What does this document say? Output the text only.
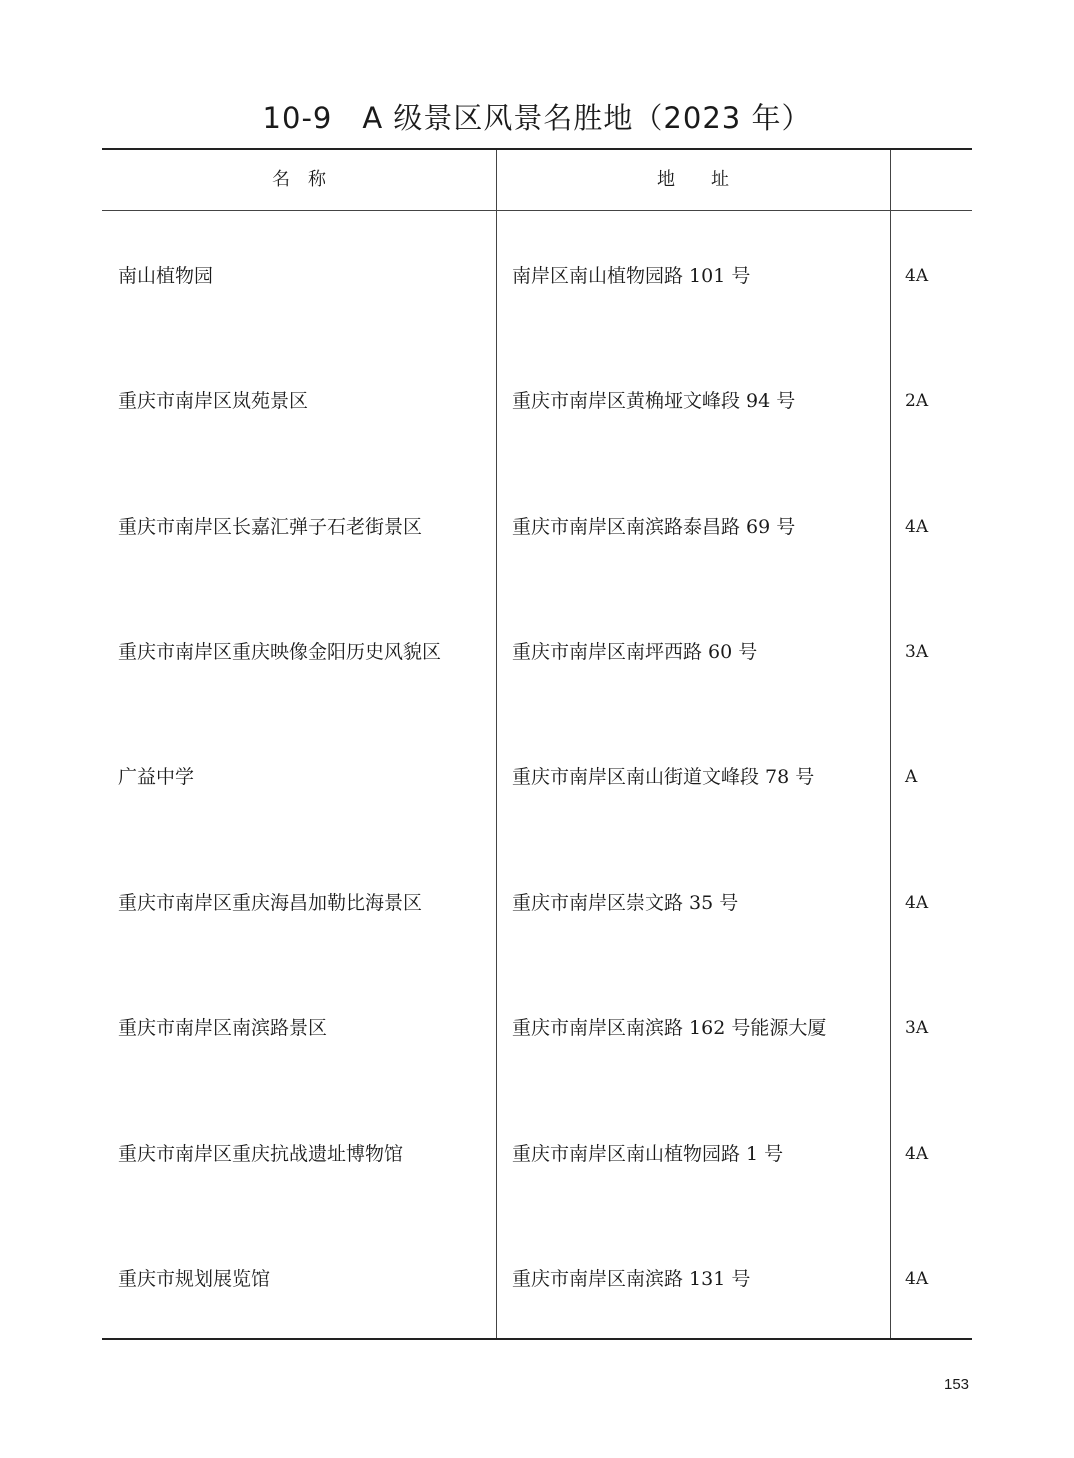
10-9　A 级景区风景名胜地（2023 年）
名　称	地　　址
南山植物园	南岸区南山植物园路 101 号	4A
重庆市南岸区岚苑景区	重庆市南岸区黄桷垭文峰段 94 号	2A
重庆市南岸区长嘉汇弹子石老街景区	重庆市南岸区南滨路泰昌路 69 号	4A
重庆市南岸区重庆映像金阳历史风貌区	重庆市南岸区南坪西路 60 号	3A
广益中学	重庆市南岸区南山街道文峰段 78 号	A
重庆市南岸区重庆海昌加勒比海景区	重庆市南岸区崇文路 35 号	4A
重庆市南岸区南滨路景区	重庆市南岸区南滨路 162 号能源大厦	3A
重庆市南岸区重庆抗战遗址博物馆	重庆市南岸区南山植物园路 1 号	4A
重庆市规划展览馆	重庆市南岸区南滨路 131 号	4A
153
